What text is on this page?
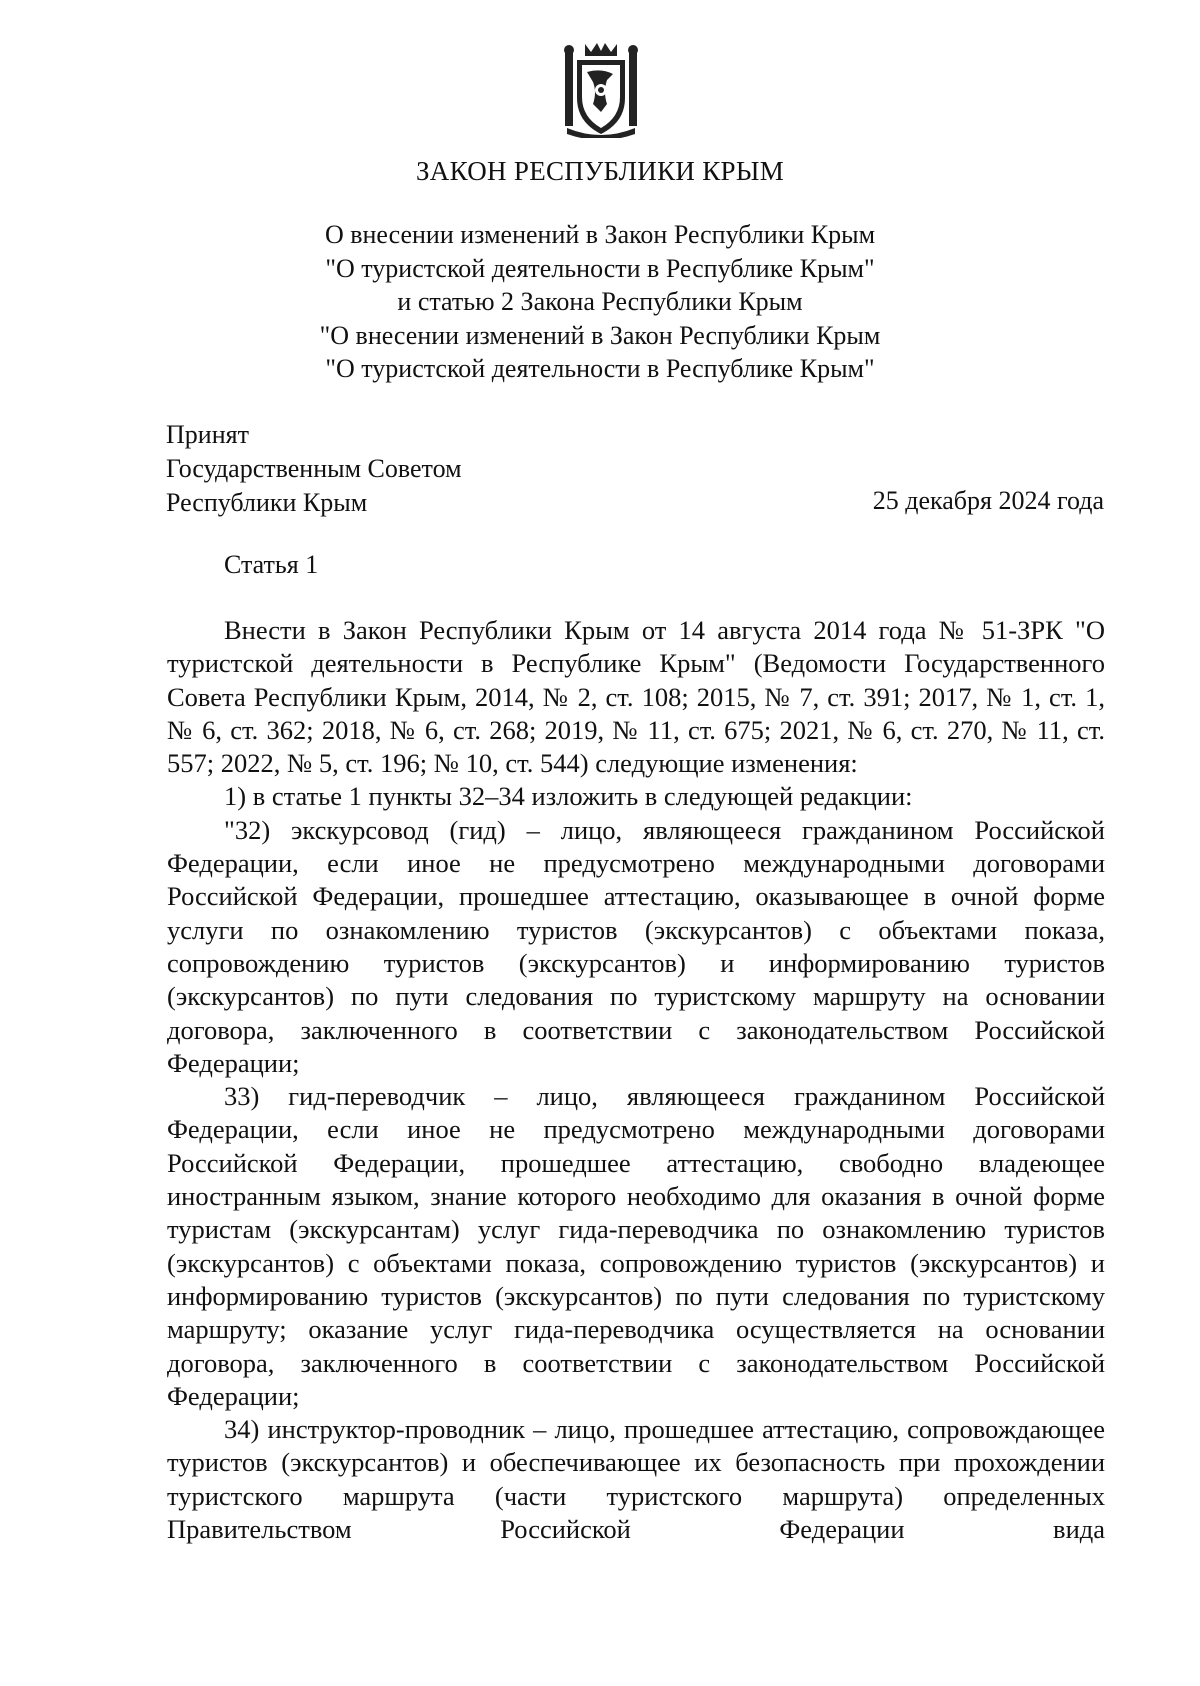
ЗАКОН РЕСПУБЛИКИ КРЫМ
О внесении изменений в Закон Республики Крым
"О туристской деятельности в Республике Крым"
и статью 2 Закона Республики Крым
"О внесении изменений в Закон Республики Крым
"О туристской деятельности в Республике Крым"
Принят
Государственным Советом
Республики Крым	25 декабря 2024 года
Статья 1

Внести в Закон Республики Крым от 14 августа 2014 года № 51-ЗРК "О туристской деятельности в Республике Крым" (Ведомости Государственного Совета Республики Крым, 2014, № 2, ст. 108; 2015, № 7, ст. 391; 2017, № 1, ст. 1, № 6, ст. 362; 2018, № 6, ст. 268; 2019, № 11, ст. 675; 2021, № 6, ст. 270, № 11, ст. 557; 2022, № 5, ст. 196; № 10, ст. 544) следующие изменения:

1) в статье 1 пункты 32–34 изложить в следующей редакции:

"32) экскурсовод (гид) – лицо, являющееся гражданином Российской Федерации, если иное не предусмотрено международными договорами Российской Федерации, прошедшее аттестацию, оказывающее в очной форме услуги по ознакомлению туристов (экскурсантов) с объектами показа, сопровождению туристов (экскурсантов) и информированию туристов (экскурсантов) по пути следования по туристскому маршруту на основании договора, заключенного в соответствии с законодательством Российской Федерации;

33) гид-переводчик – лицо, являющееся гражданином Российской Федерации, если иное не предусмотрено международными договорами Российской Федерации, прошедшее аттестацию, свободно владеющее иностранным языком, знание которого необходимо для оказания в очной форме туристам (экскурсантам) услуг гида-переводчика по ознакомлению туристов (экскурсантов) с объектами показа, сопровождению туристов (экскурсантов) и информированию туристов (экскурсантов) по пути следования по туристскому маршруту; оказание услуг гида-переводчика осуществляется на основании договора, заключенного в соответствии с законодательством Российской Федерации;

34) инструктор-проводник – лицо, прошедшее аттестацию, сопровождающее туристов (экскурсантов) и обеспечивающее их безопасность при прохождении туристского маршрута (части туристского маршрута) определенных Правительством Российской Федерации вида
